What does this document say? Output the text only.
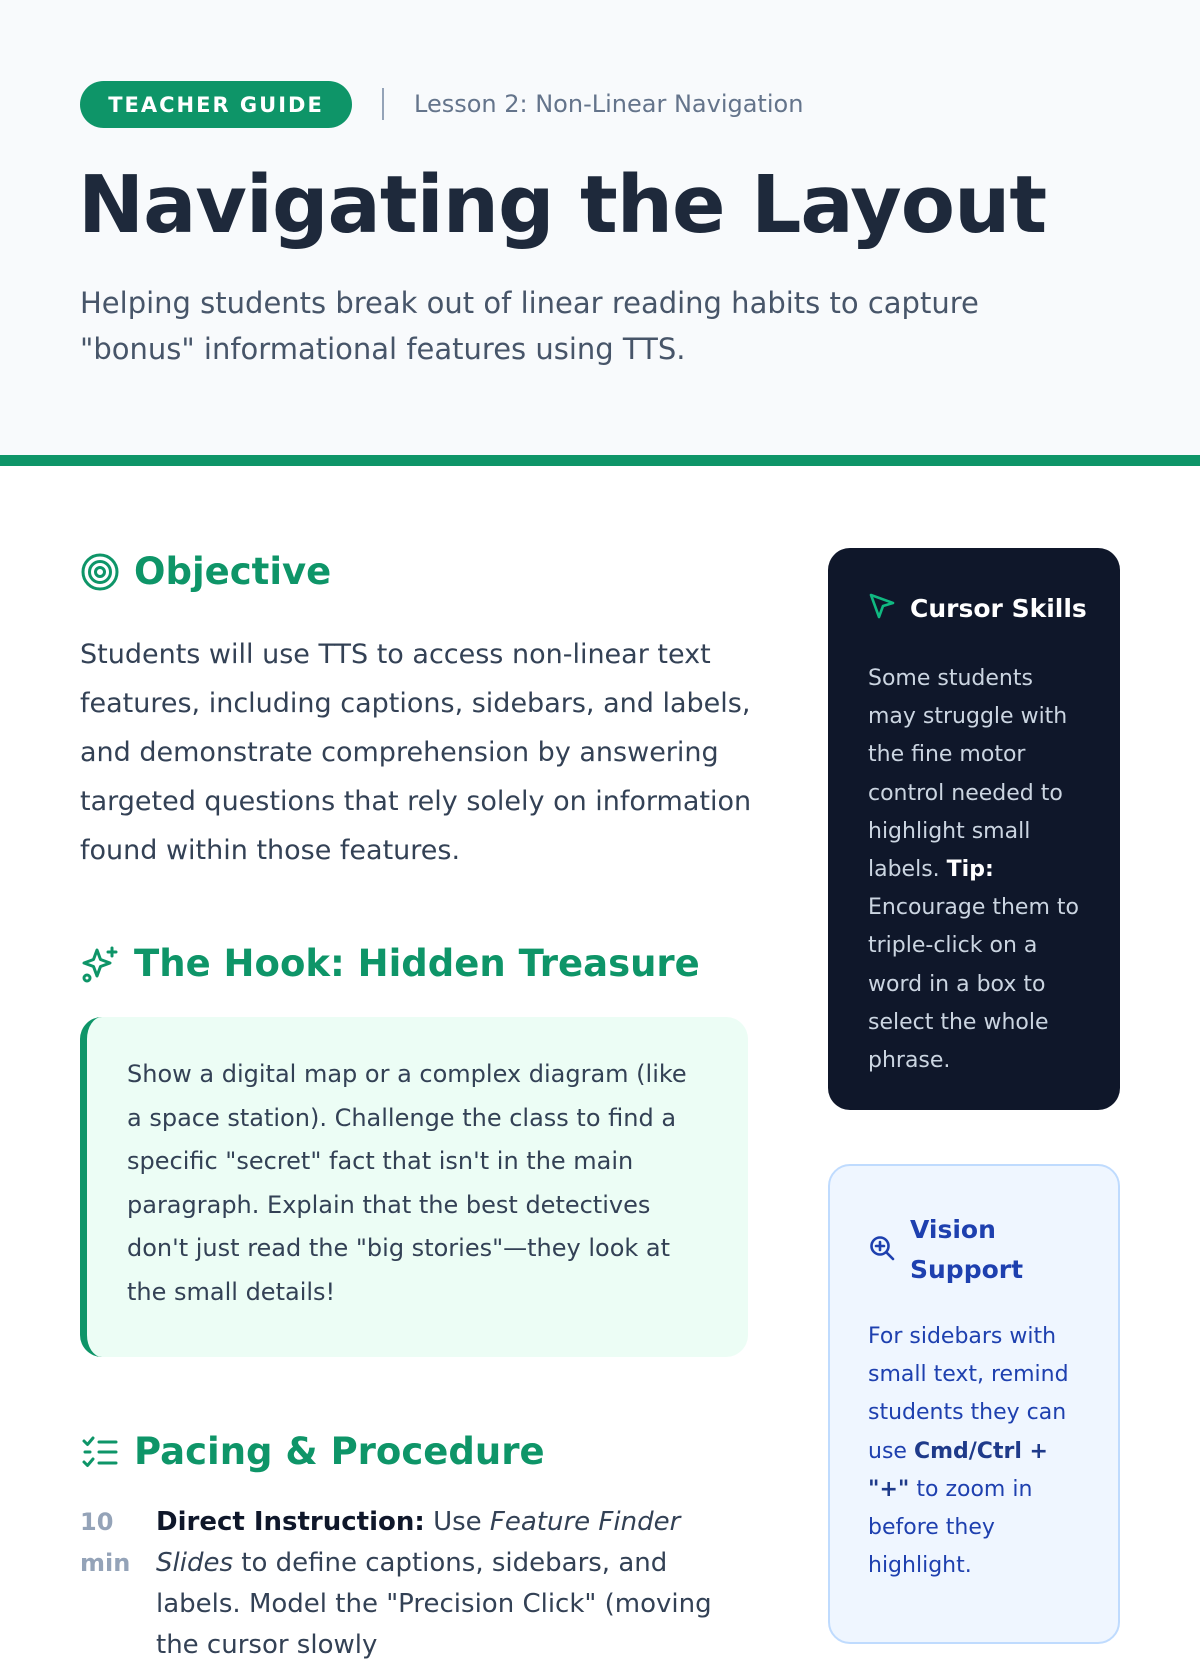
TEACHER GUIDE	Lesson 2: Non-Linear Navigation
Navigating the Layout

Helping students break out of linear reading habits to capture "bonus" informational features using TTS.

Objective

Students will use TTS to access non-linear text features, including captions, sidebars, and labels, and demonstrate comprehension by answering targeted questions that rely solely on information found within those features.

The Hook: Hidden Treasure

Show a digital map or a complex diagram (like a space station). Challenge the class to find a specific "secret" fact that isn't in the main paragraph. Explain that the best detectives don't just read the "big stories"—they look at the small details!

Pacing & Procedure
10 min
Direct Instruction: Use Feature Finder Slides to define captions, sidebars, and labels. Model the "Precision Click" (moving the cursor slowly
Cursor Skills

Some students may struggle with the fine motor control needed to highlight small labels. Tip: Encourage them to triple-click on a word in a box to select the whole phrase.

Vision Support

For sidebars with small text, remind students they can use Cmd/Ctrl + "+" to zoom in before they highlight.
